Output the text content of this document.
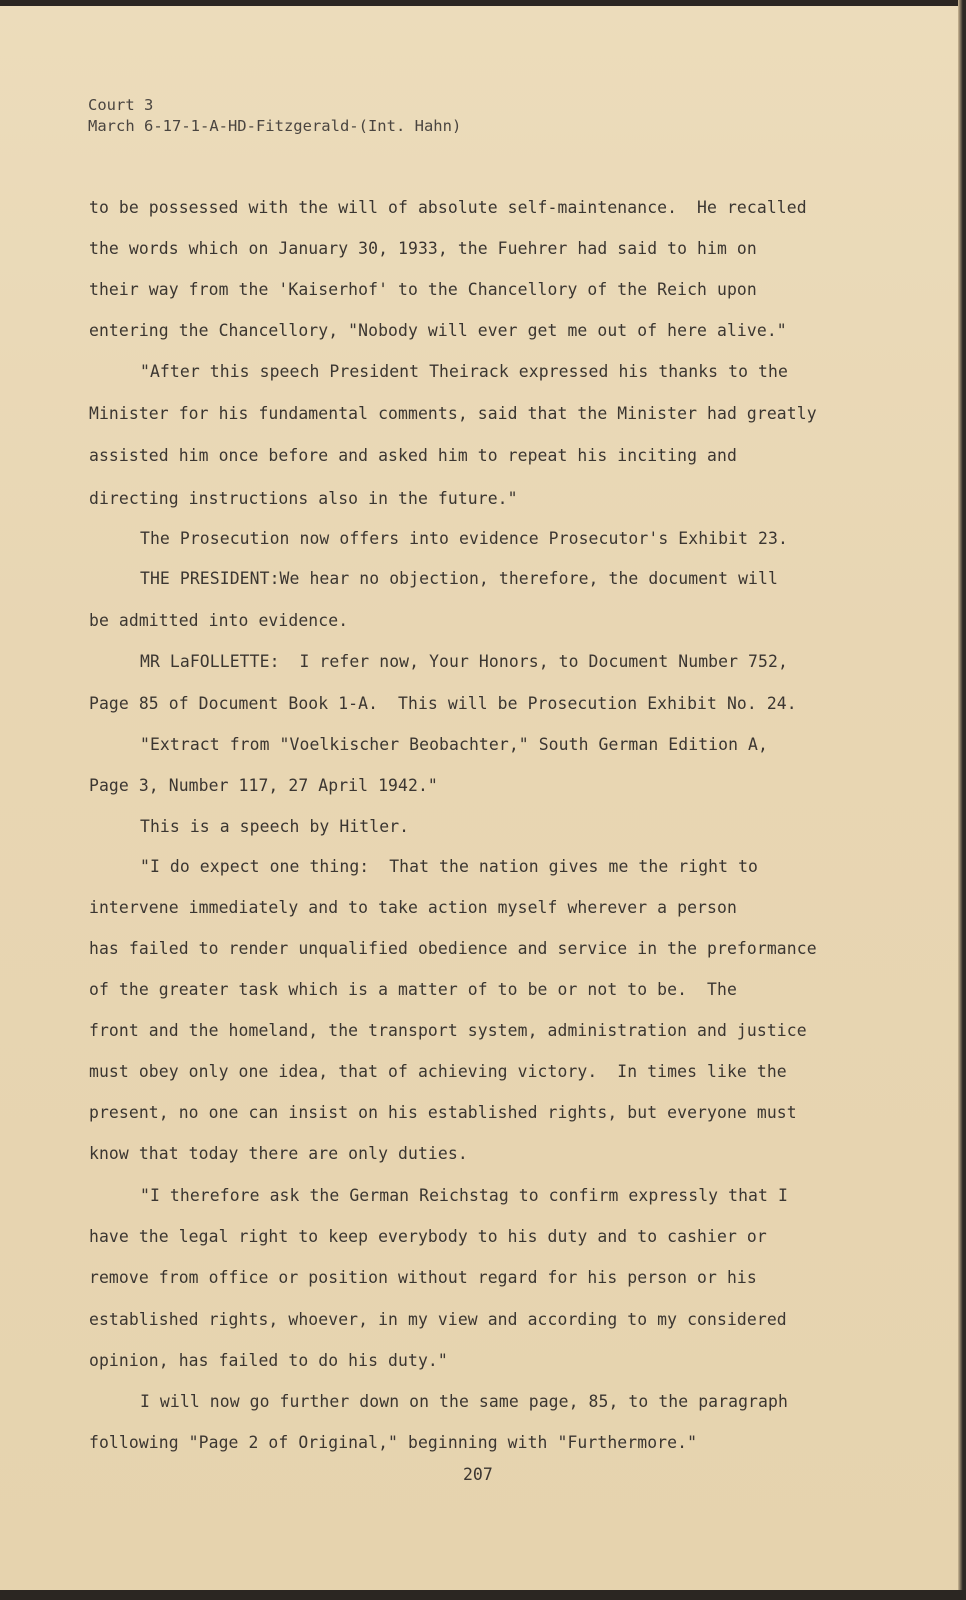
Court 3
March 6-17-1-A-HD-Fitzgerald-(Int. Hahn)
to be possessed with the will of absolute self-maintenance.  He recalled
the words which on January 30, 1933, the Fuehrer had said to him on
their way from the 'Kaiserhof' to the Chancellory of the Reich upon
entering the Chancellory, "Nobody will ever get me out of here alive."
"After this speech President Theirack expressed his thanks to the
Minister for his fundamental comments, said that the Minister had greatly
assisted him once before and asked him to repeat his inciting and
directing instructions also in the future."
The Prosecution now offers into evidence Prosecutor's Exhibit 23.
THE PRESIDENT:We hear no objection, therefore, the document will
be admitted into evidence.
MR LaFOLLETTE:  I refer now, Your Honors, to Document Number 752,
Page 85 of Document Book 1-A.  This will be Prosecution Exhibit No. 24.
"Extract from "Voelkischer Beobachter," South German Edition A,
Page 3, Number 117, 27 April 1942."
This is a speech by Hitler.
"I do expect one thing:  That the nation gives me the right to
intervene immediately and to take action myself wherever a person
has failed to render unqualified obedience and service in the preformance
of the greater task which is a matter of to be or not to be.  The
front and the homeland, the transport system, administration and justice
must obey only one idea, that of achieving victory.  In times like the
present, no one can insist on his established rights, but everyone must
know that today there are only duties.
"I therefore ask the German Reichstag to confirm expressly that I
have the legal right to keep everybody to his duty and to cashier or
remove from office or position without regard for his person or his
established rights, whoever, in my view and according to my considered
opinion, has failed to do his duty."
I will now go further down on the same page, 85, to the paragraph
following "Page 2 of Original," beginning with "Furthermore."
207
